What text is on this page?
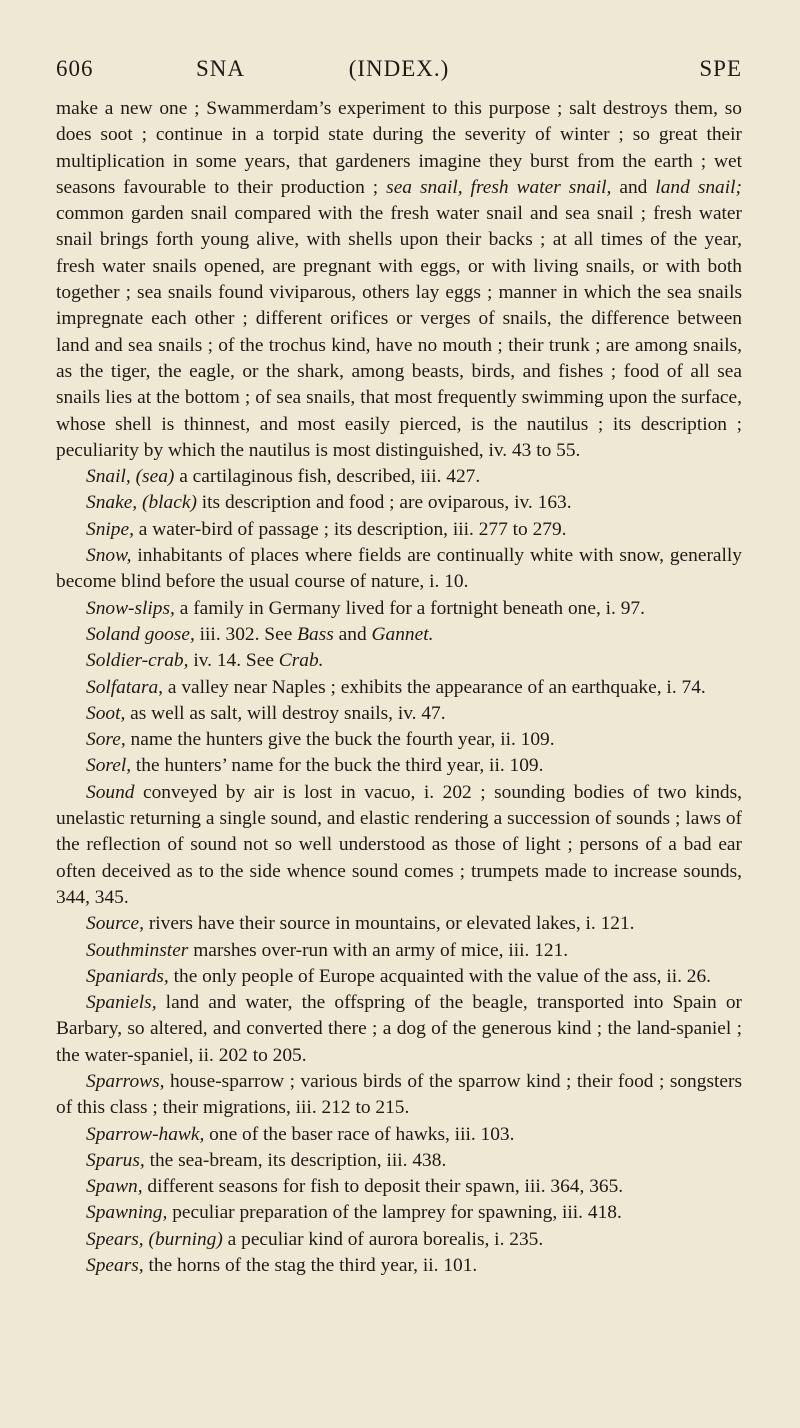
606	SNA	(INDEX.)	SPE

make a new one ; Swammerdam’s experiment to this purpose ; salt destroys them, so does soot ; continue in a torpid state during the severity of winter ; so great their multiplication in some years, that gardeners imagine they burst from the earth ; wet seasons favourable to their production ; sea snail, fresh water snail, and land snail; common garden snail compared with the fresh water snail and sea snail ; fresh water snail brings forth young alive, with shells upon their backs ; at all times of the year, fresh water snails opened, are pregnant with eggs, or with living snails, or with both together ; sea snails found viviparous, others lay eggs ; manner in which the sea snails impregnate each other ; different orifices or verges of snails, the difference between land and sea snails ; of the trochus kind, have no mouth ; their trunk ; are among snails, as the tiger, the eagle, or the shark, among beasts, birds, and fishes ; food of all sea snails lies at the bottom ; of sea snails, that most frequently swimming upon the surface, whose shell is thinnest, and most easily pierced, is the nautilus ; its description ; peculiarity by which the nautilus is most distinguished, iv. 43 to 55.

Snail, (sea) a cartilaginous fish, described, iii. 427.

Snake, (black) its description and food ; are oviparous, iv. 163.

Snipe, a water-bird of passage ; its description, iii. 277 to 279.

Snow, inhabitants of places where fields are continually white with snow, generally become blind before the usual course of nature, i. 10.

Snow-slips, a family in Germany lived for a fortnight beneath one, i. 97.

Soland goose, iii. 302. See Bass and Gannet.

Soldier-crab, iv. 14. See Crab.

Solfatara, a valley near Naples ; exhibits the appearance of an earthquake, i. 74.

Soot, as well as salt, will destroy snails, iv. 47.

Sore, name the hunters give the buck the fourth year, ii. 109.

Sorel, the hunters’ name for the buck the third year, ii. 109.

Sound conveyed by air is lost in vacuo, i. 202 ; sounding bodies of two kinds, unelastic returning a single sound, and elastic rendering a succession of sounds ; laws of the reflection of sound not so well understood as those of light ; persons of a bad ear often deceived as to the side whence sound comes ; trumpets made to increase sounds, 344, 345.

Source, rivers have their source in mountains, or elevated lakes, i. 121.

Southminster marshes over-run with an army of mice, iii. 121.

Spaniards, the only people of Europe acquainted with the value of the ass, ii. 26.

Spaniels, land and water, the offspring of the beagle, transported into Spain or Barbary, so altered, and converted there ; a dog of the generous kind ; the land-spaniel ; the water-spaniel, ii. 202 to 205.

Sparrows, house-sparrow ; various birds of the sparrow kind ; their food ; songsters of this class ; their migrations, iii. 212 to 215.

Sparrow-hawk, one of the baser race of hawks, iii. 103.

Sparus, the sea-bream, its description, iii. 438.

Spawn, different seasons for fish to deposit their spawn, iii. 364, 365.

Spawning, peculiar preparation of the lamprey for spawning, iii. 418.

Spears, (burning) a peculiar kind of aurora borealis, i. 235.

Spears, the horns of the stag the third year, ii. 101.
